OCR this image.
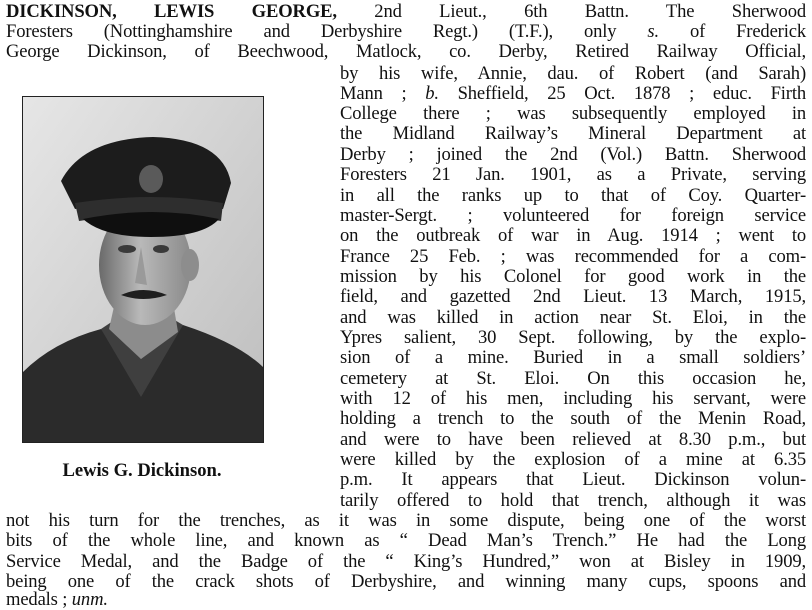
Lewis G. Dickinson.
DICKINSON, LEWIS GEORGE, 2nd Lieut., 6th Battn. The Sherwood
Foresters (Nottinghamshire and Derbyshire Regt.) (T.F.), only s. of Frederick
George Dickinson, of Beechwood, Matlock, co. Derby, Retired Railway Official,
by his wife, Annie, dau. of Robert (and Sarah)
Mann ; b. Sheffield, 25 Oct. 1878 ; educ. Firth
College there ; was subsequently employed in
the Midland Railway’s Mineral Department at
Derby ; joined the 2nd (Vol.) Battn. Sherwood
Foresters 21 Jan. 1901, as a Private, serving
in all the ranks up to that of Coy. Quarter-
master-Sergt. ; volunteered for foreign service
on the outbreak of war in Aug. 1914 ; went to
France 25 Feb. ; was recommended for a com-
mission by his Colonel for good work in the
field, and gazetted 2nd Lieut. 13 March, 1915,
and was killed in action near St. Eloi, in the
Ypres salient, 30 Sept. following, by the explo-
sion of a mine. Buried in a small soldiers’
cemetery at St. Eloi. On this occasion he,
with 12 of his men, including his servant, were
holding a trench to the south of the Menin Road,
and were to have been relieved at 8.30 p.m., but
were killed by the explosion of a mine at 6.35
p.m. It appears that Lieut. Dickinson volun-
tarily offered to hold that trench, although it was
not his turn for the trenches, as it was in some dispute, being one of the worst
bits of the whole line, and known as “ Dead Man’s Trench.” He had the Long
Service Medal, and the Badge of the “ King’s Hundred,” won at Bisley in 1909,
being one of the crack shots of Derbyshire, and winning many cups, spoons and
medals ; unm.
